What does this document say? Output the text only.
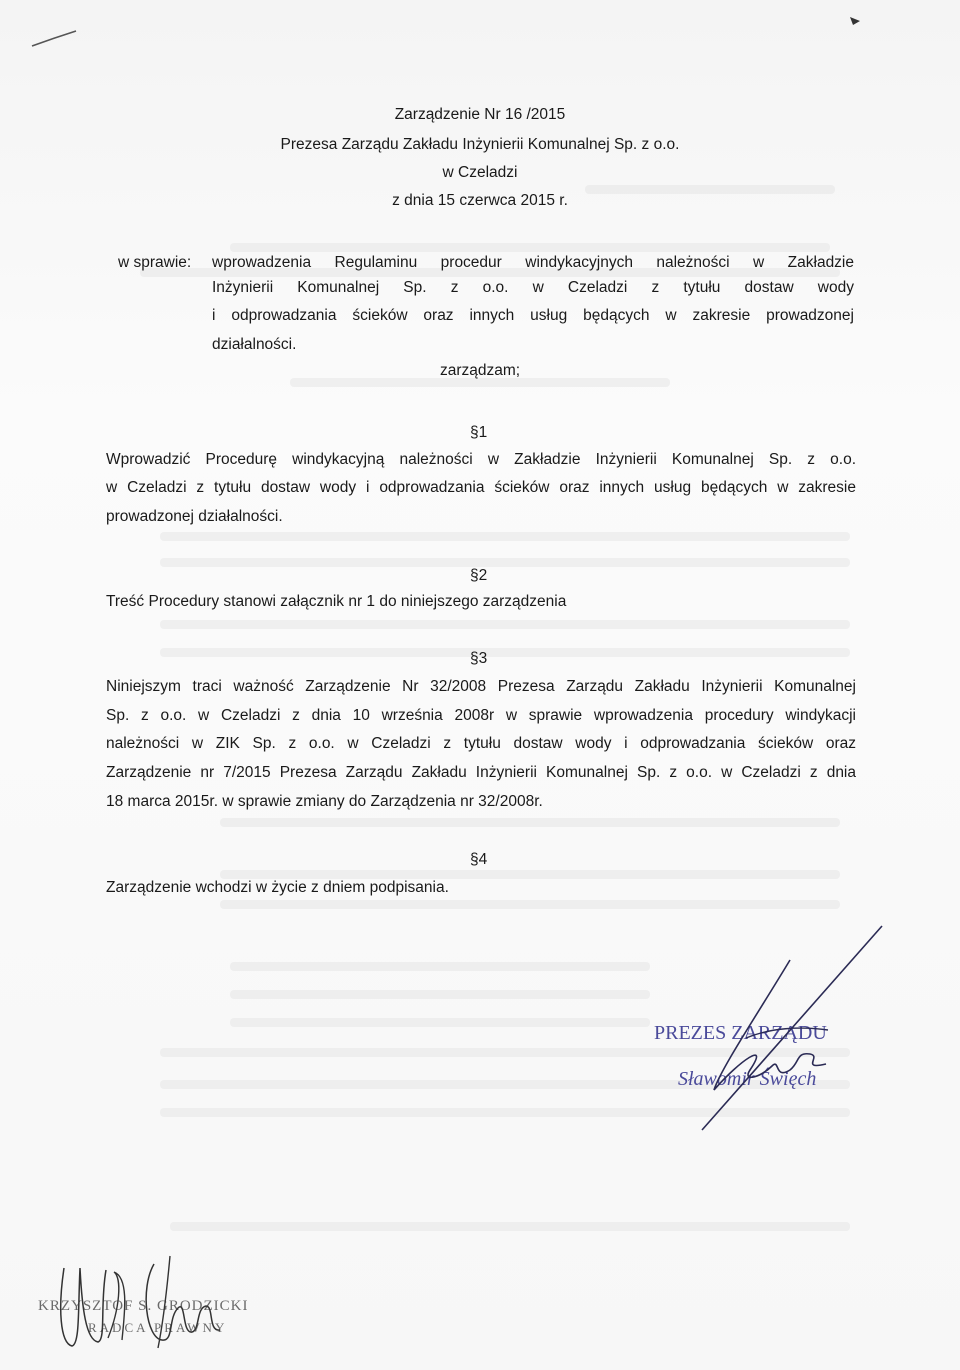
Zarządzenie Nr 16 /2015
Prezesa Zarządu Zakładu Inżynierii Komunalnej Sp. z o.o.
w Czeladzi
z dnia 15 czerwca 2015 r.
w sprawie: wprowadzenia Regulaminu procedur windykacyjnych należności w Zakładzie
Inżynierii Komunalnej Sp. z o.o. w Czeladzi z tytułu dostaw wody
i odprowadzania ścieków oraz innych usług będących w zakresie prowadzonej
działalności.
zarządzam;
§1
Wprowadzić Procedurę windykacyjną należności w Zakładzie Inżynierii Komunalnej Sp. z o.o.
w Czeladzi z tytułu dostaw wody i odprowadzania ścieków oraz innych usług będących w zakresie
prowadzonej działalności.
§2
Treść Procedury stanowi załącznik nr 1 do niniejszego zarządzenia
§3
Niniejszym traci ważność Zarządzenie Nr 32/2008 Prezesa Zarządu Zakładu Inżynierii Komunalnej
Sp. z o.o. w Czeladzi z dnia 10 września 2008r w sprawie wprowadzenia procedury windykacji
należności w ZIK Sp. z o.o. w Czeladzi z tytułu dostaw wody i odprowadzania ścieków oraz
Zarządzenie nr 7/2015 Prezesa Zarządu Zakładu Inżynierii Komunalnej Sp. z o.o. w Czeladzi z dnia
18 marca 2015r. w sprawie zmiany do Zarządzenia nr 32/2008r.
§4
Zarządzenie wchodzi w życie z dniem podpisania.
PREZES ZARZĄDU
Sławomir Święch
KRZYSZTOF S. GRODZICKI
RADCA PRAWNY
